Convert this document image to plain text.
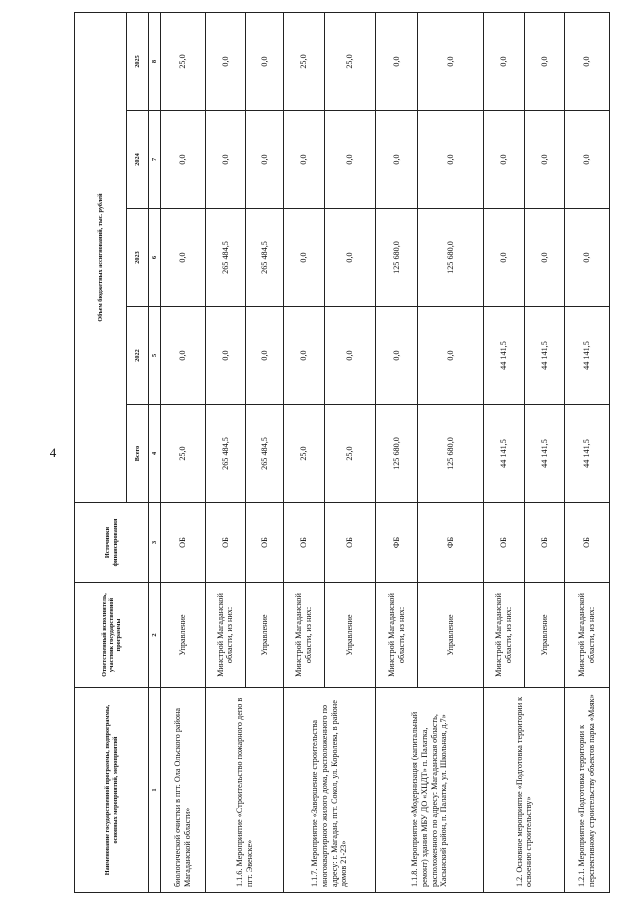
4
Наименование государственной программы, подпрограммы, основных мероприятий, мероприятий	Ответственный исполнитель, участник государственной программы	Источники финансирования	Объем бюджетных ассигнований, тыс. рублей				
			Всего	2022	2023	2024	2025
1	2	3	4	5	6	7	8
биологической очистки в пгт. Ола Ольского района Магаданской области»	Управление	ОБ	25,0	0,0	0,0	0,0	25,0
1.1.6. Мероприятие «Строительство пожарного депо в пгт. Эвенске»	Минстрой Магаданской области, из них:	ОБ	265 484,5	0,0	265 484,5	0,0	0,0
	Управление	ОБ	265 484,5	0,0	265 484,5	0,0	0,0
1.1.7. Мероприятие «Завершение строительства многоквартирного жилого дома, расположенного по адресу: г. Магадан, пгт. Сокол, ул. Королева, в районе домов 21-23»	Минстрой Магаданской области, из них:	ОБ	25,0	0,0	0,0	0,0	25,0
	Управление	ОБ	25,0	0,0	0,0	0,0	25,0
1.1.8. Мероприятие «Модернизация (капитальный ремонт) здания МБУ ДО «ХЦДТ» п. Палатка, расположенного по адресу: Магаданская область, Хасынский район, п. Палатка, ул. Школьная, д.7»	Минстрой Магаданской области, из них:	ФБ	125 680,0	0,0	125 680,0	0,0	0,0
	Управление	ФБ	125 680,0	0,0	125 680,0	0,0	0,0
1.2. Основное мероприятие «Подготовка территории к освоению строительству»	Минстрой Магаданской области, из них:	ОБ	44 141,5	44 141,5	0,0	0,0	0,0
	Управление	ОБ	44 141,5	44 141,5	0,0	0,0	0,0
1.2.1. Мероприятие «Подготовка территории к перспективному строительству объектов парка «Маяк»	Минстрой Магаданской области, из них:	ОБ	44 141,5	44 141,5	0,0	0,0	0,0
